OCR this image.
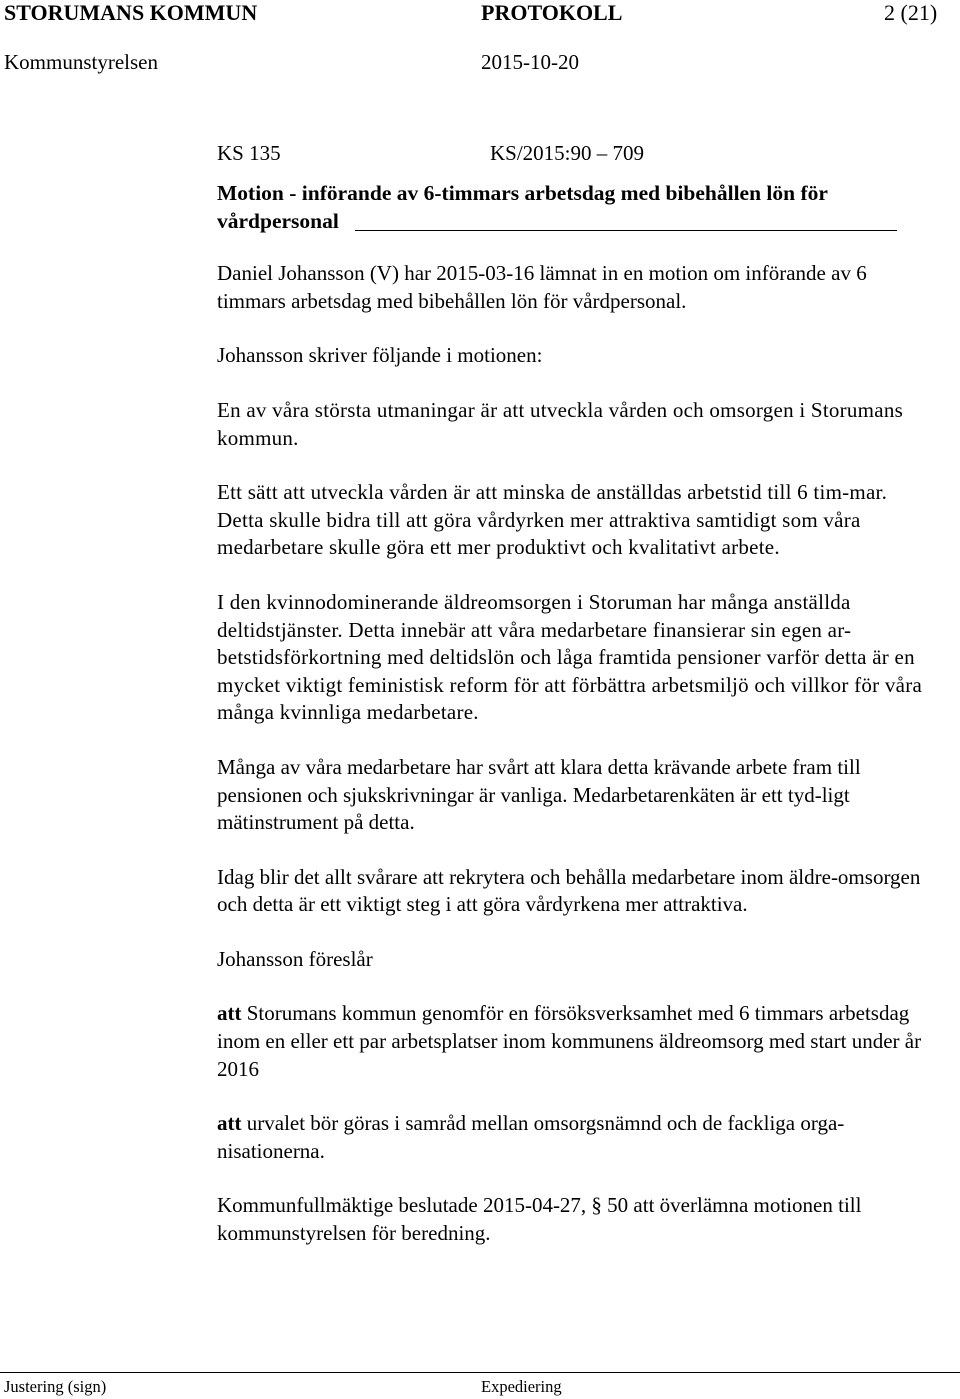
STORUMANS KOMMUN	PROTOKOLL	2 (21)
Kommunstyrelsen	2015-10-20
KS 135	KS/2015:90 – 709
Motion - införande av 6-timmars arbetsdag med bibehållen lön för
vårdpersonal

Daniel Johansson (V) har 2015-03-16 lämnat in en motion om införande av 6 timmars arbetsdag med bibehållen lön för vårdpersonal.

Johansson skriver följande i motionen:

En av våra största utmaningar är att utveckla vården och omsorgen i Storumans kommun.

Ett sätt att utveckla vården är att minska de anställdas arbetstid till 6 tim-mar. Detta skulle bidra till att göra vårdyrken mer attraktiva samtidigt som våra medarbetare skulle göra ett mer produktivt och kvalitativt arbete.

I den kvinnodominerande äldreomsorgen i Storuman har många anställda deltidstjänster. Detta innebär att våra medarbetare finansierar sin egen ar-betstidsförkortning med deltidslön och låga framtida pensioner varför detta är en mycket viktigt feministisk reform för att förbättra arbetsmiljö och villkor för våra många kvinnliga medarbetare.

Många av våra medarbetare har svårt att klara detta krävande arbete fram till pensionen och sjukskrivningar är vanliga. Medarbetarenkäten är ett tyd-ligt mätinstrument på detta.

Idag blir det allt svårare att rekrytera och behålla medarbetare inom äldre-omsorgen och detta är ett viktigt steg i att göra vårdyrkena mer attraktiva.

Johansson föreslår

att Storumans kommun genomför en försöksverksamhet med 6 timmars arbetsdag inom en eller ett par arbetsplatser inom kommunens äldreomsorg med start under år 2016

att urvalet bör göras i samråd mellan omsorgsnämnd och de fackliga orga-nisationerna.

Kommunfullmäktige beslutade 2015-04-27, § 50 att överlämna motionen till kommunstyrelsen för beredning.

Justering (sign)	Expediering
